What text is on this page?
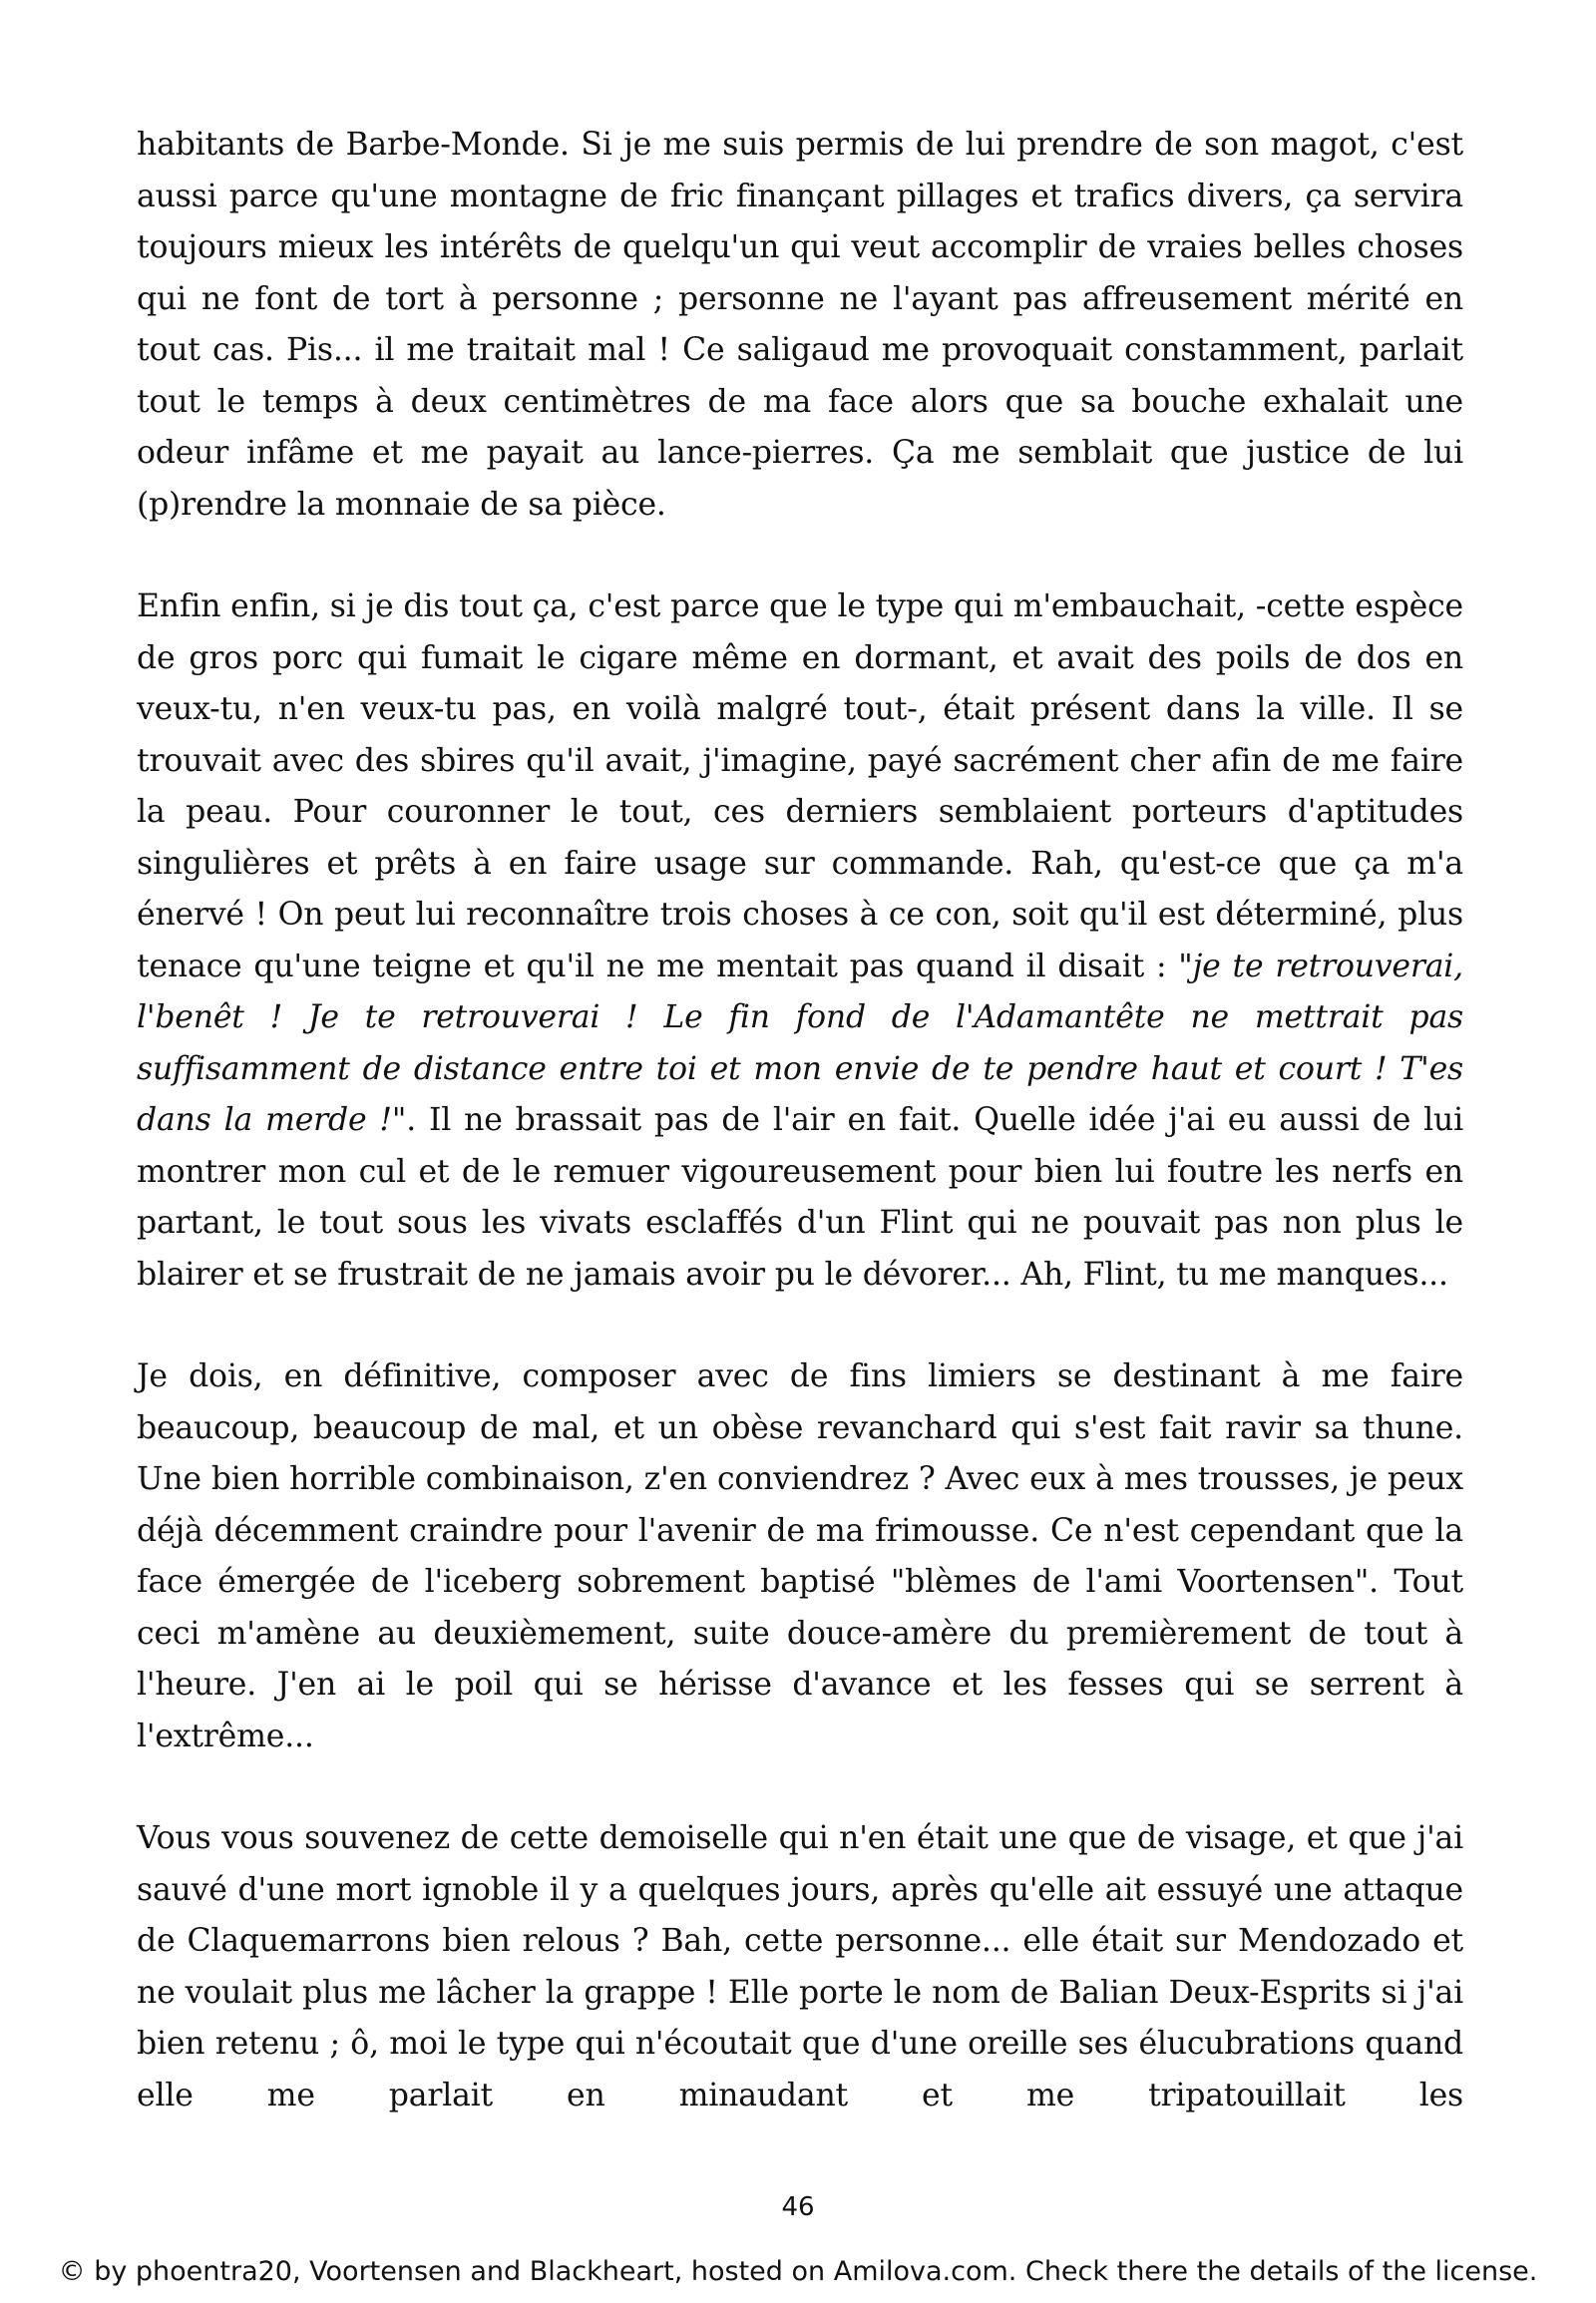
habitants de Barbe-Monde. Si je me suis permis de lui prendre de son magot, c'est aussi parce qu'une montagne de fric finançant pillages et trafics divers, ça servira toujours mieux les intérêts de quelqu'un qui veut accomplir de vraies belles choses qui ne font de tort à personne ; personne ne l'ayant pas affreusement mérité en tout cas. Pis... il me traitait mal ! Ce saligaud me provoquait constamment, parlait tout le temps à deux centimètres de ma face alors que sa bouche exhalait une odeur infâme et me payait au lance-pierres. Ça me semblait que justice de lui (p)rendre la monnaie de sa pièce.

Enfin enfin, si je dis tout ça, c'est parce que le type qui m'embauchait, -cette espèce de gros porc qui fumait le cigare même en dormant, et avait des poils de dos en veux-tu, n'en veux-tu pas, en voilà malgré tout-, était présent dans la ville. Il se trouvait avec des sbires qu'il avait, j'imagine, payé sacrément cher afin de me faire la peau. Pour couronner le tout, ces derniers semblaient porteurs d'aptitudes singulières et prêts à en faire usage sur commande. Rah, qu'est-ce que ça m'a énervé ! On peut lui reconnaître trois choses à ce con, soit qu'il est déterminé, plus tenace qu'une teigne et qu'il ne me mentait pas quand il disait : "je te retrouverai, l'benêt ! Je te retrouverai ! Le fin fond de l'Adamantête ne mettrait pas suffisamment de distance entre toi et mon envie de te pendre haut et court ! T'es dans la merde !". Il ne brassait pas de l'air en fait. Quelle idée j'ai eu aussi de lui montrer mon cul et de le remuer vigoureusement pour bien lui foutre les nerfs en partant, le tout sous les vivats esclaffés d'un Flint qui ne pouvait pas non plus le blairer et se frustrait de ne jamais avoir pu le dévorer... Ah, Flint, tu me manques...

Je dois, en définitive, composer avec de fins limiers se destinant à me faire beaucoup, beaucoup de mal, et un obèse revanchard qui s'est fait ravir sa thune. Une bien horrible combinaison, z'en conviendrez ? Avec eux à mes trousses, je peux déjà décemment craindre pour l'avenir de ma frimousse. Ce n'est cependant que la face émergée de l'iceberg sobrement baptisé "blèmes de l'ami Voortensen". Tout ceci m'amène au deuxièmement, suite douce-amère du premièrement de tout à l'heure. J'en ai le poil qui se hérisse d'avance et les fesses qui se serrent à l'extrême...

Vous vous souvenez de cette demoiselle qui n'en était une que de visage, et que j'ai sauvé d'une mort ignoble il y a quelques jours, après qu'elle ait essuyé une attaque de Claquemarrons bien relous ? Bah, cette personne... elle était sur Mendozado et ne voulait plus me lâcher la grappe ! Elle porte le nom de Balian Deux-Esprits si j'ai bien retenu ; ô, moi le type qui n'écoutait que d'une oreille ses élucubrations quand elle me parlait en minaudant et me tripatouillait les

46
© by phoentra20, Voortensen and Blackheart, hosted on Amilova.com. Check there the details of the license.
